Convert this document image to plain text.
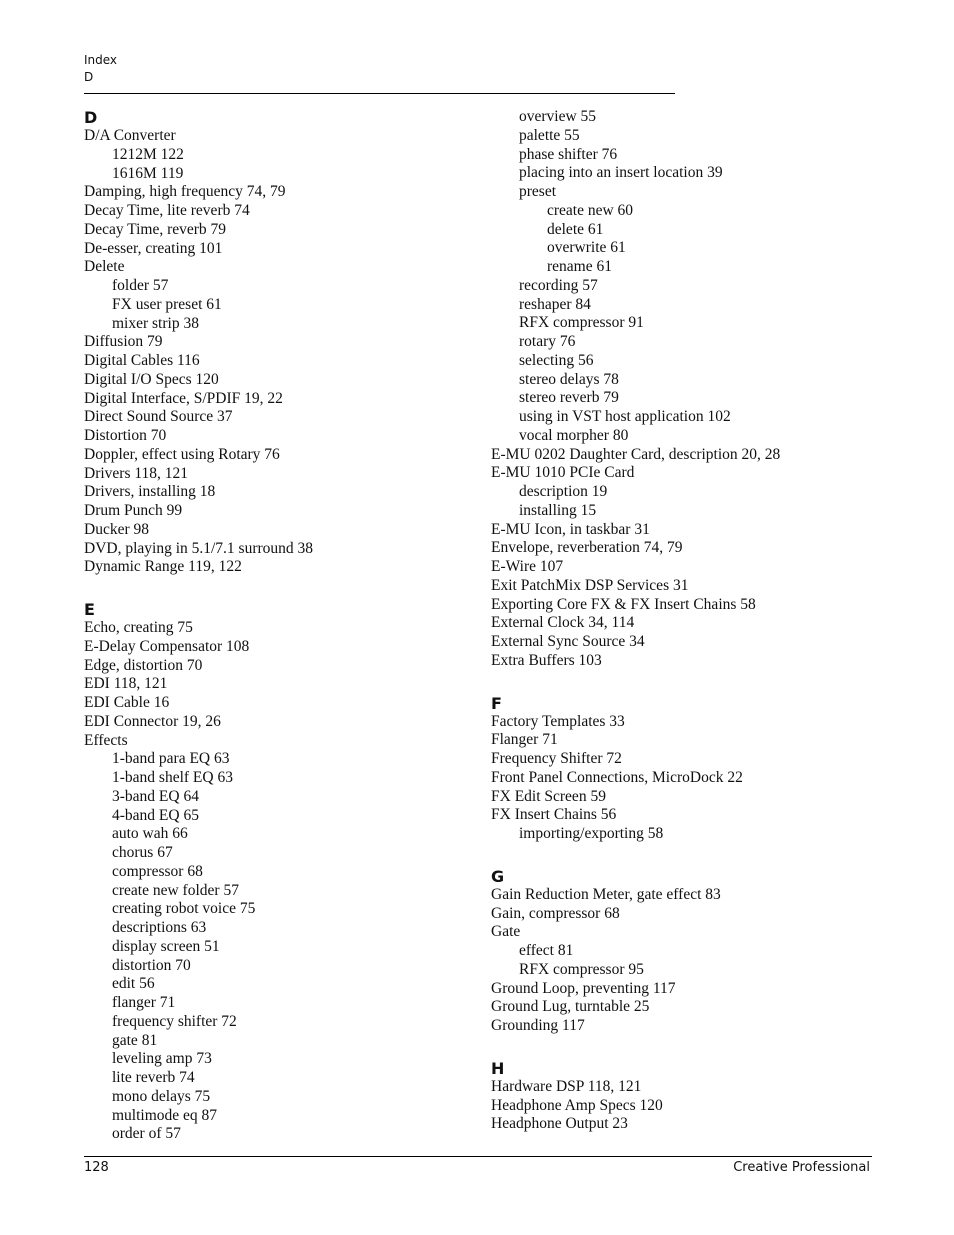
Index
D
D
D/A Converter
1212M 122
1616M 119
Damping, high frequency 74, 79
Decay Time, lite reverb 74
Decay Time, reverb 79
De-esser, creating 101
Delete
folder 57
FX user preset 61
mixer strip 38
Diffusion 79
Digital Cables 116
Digital I/O Specs 120
Digital Interface, S/PDIF 19, 22
Direct Sound Source 37
Distortion 70
Doppler, effect using Rotary 76
Drivers 118, 121
Drivers, installing 18
Drum Punch 99
Ducker 98
DVD, playing in 5.1/7.1 surround 38
Dynamic Range 119, 122
E
Echo, creating 75
E-Delay Compensator 108
Edge, distortion 70
EDI 118, 121
EDI Cable 16
EDI Connector 19, 26
Effects
1-band para EQ 63
1-band shelf EQ 63
3-band EQ 64
4-band EQ 65
auto wah 66
chorus 67
compressor 68
create new folder 57
creating robot voice 75
descriptions 63
display screen 51
distortion 70
edit 56
flanger 71
frequency shifter 72
gate 81
leveling amp 73
lite reverb 74
mono delays 75
multimode eq 87
order of 57
overview 55
palette 55
phase shifter 76
placing into an insert location 39
preset
create new 60
delete 61
overwrite 61
rename 61
recording 57
reshaper 84
RFX compressor 91
rotary 76
selecting 56
stereo delays 78
stereo reverb 79
using in VST host application 102
vocal morpher 80
E-MU 0202 Daughter Card, description 20, 28
E-MU 1010 PCIe Card
description 19
installing 15
E-MU Icon, in taskbar 31
Envelope, reverberation 74, 79
E-Wire 107
Exit PatchMix DSP Services 31
Exporting Core FX & FX Insert Chains 58
External Clock 34, 114
External Sync Source 34
Extra Buffers 103
F
Factory Templates 33
Flanger 71
Frequency Shifter 72
Front Panel Connections, MicroDock 22
FX Edit Screen 59
FX Insert Chains 56
importing/exporting 58
G
Gain Reduction Meter, gate effect 83
Gain, compressor 68
Gate
effect 81
RFX compressor 95
Ground Loop, preventing 117
Ground Lug, turntable 25
Grounding 117
H
Hardware DSP 118, 121
Headphone Amp Specs 120
Headphone Output 23
128	Creative Professional
